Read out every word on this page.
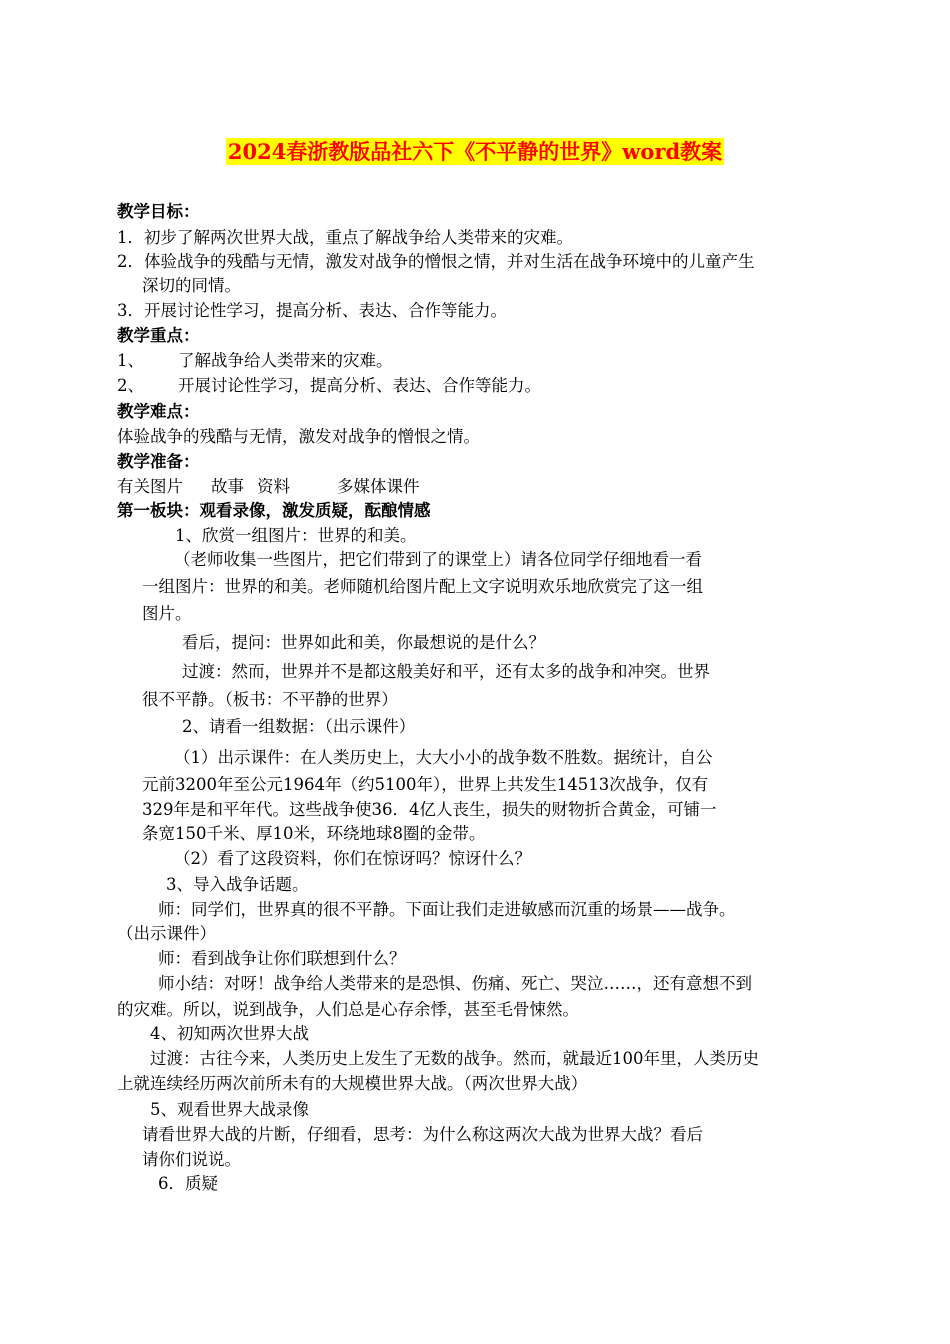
2024春浙教版品社六下《不平静的世界》word教案
教学目标：
1．初步了解两次世界大战，重点了解战争给人类带来的灾难。
2．体验战争的残酷与无情，激发对战争的憎恨之情，并对生活在战争环境中的儿童产生
深切的同情。
3．开展讨论性学习，提高分析、表达、合作等能力。
教学重点：
1、 了解战争给人类带来的灾难。
2、 开展讨论性学习，提高分析、表达、合作等能力。
教学难点：
体验战争的残酷与无情，激发对战争的憎恨之情。
教学准备：
有关图片 故事 资料	多媒体课件
第一板块：观看录像，激发质疑，酝酿情感
1、欣赏一组图片：世界的和美。
（老师收集一些图片，把它们带到了的课堂上）请各位同学仔细地看一看
一组图片：世界的和美。老师随机给图片配上文字说明欢乐地欣赏完了这一组
图片。
看后，提问：世界如此和美，你最想说的是什么？
过渡：然而，世界并不是都这般美好和平，还有太多的战争和冲突。世界
很不平静。（板书：不平静的世界）
2、请看一组数据：（出示课件）
（1）出示课件：在人类历史上，大大小小的战争数不胜数。据统计，自公
元前3200年至公元1964年（约5100年），世界上共发生14513次战争，仅有
329年是和平年代。这些战争使36．4亿人丧生，损失的财物折合黄金，可铺一
条宽150千米、厚10米，环绕地球8圈的金带。
（2）看了这段资料，你们在惊讶吗？惊讶什么？
3、导入战争话题。
师：同学们，世界真的很不平静。下面让我们走进敏感而沉重的场景——战争。
（出示课件）
师：看到战争让你们联想到什么？
师小结：对呀！战争给人类带来的是恐惧、伤痛、死亡、哭泣……，还有意想不到
的灾难。所以，说到战争，人们总是心存余悸，甚至毛骨悚然。
4、初知两次世界大战
过渡：古往今来，人类历史上发生了无数的战争。然而，就最近100年里，人类历史
上就连续经历两次前所未有的大规模世界大战。（两次世界大战）
5、观看世界大战录像
请看世界大战的片断，仔细看，思考：为什么称这两次大战为世界大战？看后
请你们说说。
6．质疑
